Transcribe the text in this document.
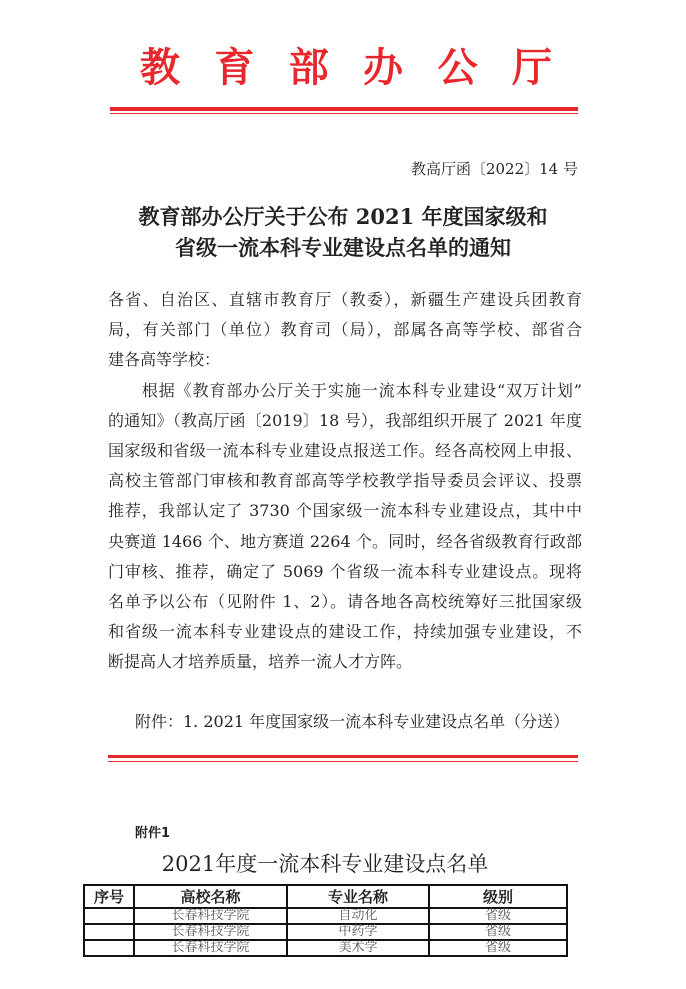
教 育 部 办 公 厅
教高厅函〔2022〕14 号
教育部办公厅关于公布 2021 年度国家级和
省级一流本科专业建设点名单的通知
各省、自治区、直辖市教育厅（教委），新疆生产建设兵团教育
局，有关部门（单位）教育司（局），部属各高等学校、部省合
建各高等学校：
　　根据《教育部办公厅关于实施一流本科专业建设“双万计划”
的通知》（教高厅函〔2019〕18 号），我部组织开展了 2021 年度
国家级和省级一流本科专业建设点报送工作。经各高校网上申报、
高校主管部门审核和教育部高等学校教学指导委员会评议、投票
推荐，我部认定了 3730 个国家级一流本科专业建设点，其中中
央赛道 1466 个、地方赛道 2264 个。同时，经各省级教育行政部
门审核、推荐，确定了 5069 个省级一流本科专业建设点。现将
名单予以公布（见附件 1、2）。请各地各高校统筹好三批国家级
和省级一流本科专业建设点的建设工作，持续加强专业建设，不
断提高人才培养质量，培养一流人才方阵。
附件：1. 2021 年度国家级一流本科专业建设点名单（分送）
附件1
2021年度一流本科专业建设点名单
序号	高校名称	专业名称	级别
	长春科技学院	自动化	省级
	长春科技学院	中药学	省级
	长春科技学院	美术学	省级
